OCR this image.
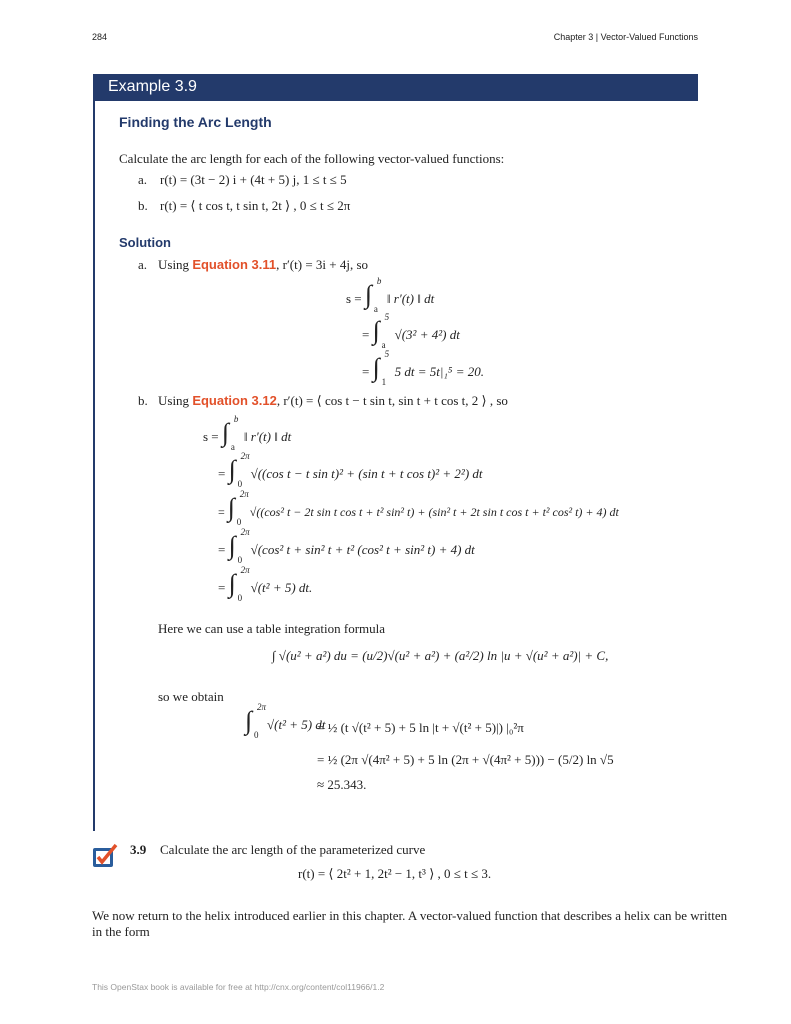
284	Chapter 3 | Vector-Valued Functions
Example 3.9
Finding the Arc Length
Calculate the arc length for each of the following vector-valued functions:
a. r(t) = (3t − 2) i + (4t + 5) j, 1 ≤ t ≤ 5
b. r(t) = ⟨ t cos t, t sin t, 2t ⟩ , 0 ≤ t ≤ 2π
Solution
a. Using Equation 3.11, r′(t) = 3i + 4j, so
s = ∫ b
a
‖ r′(t) ‖ dt
= ∫ 5
a
√(3² + 4²) dt
= ∫ 5
1
5 dt = 5t|₁⁵ = 20.
b. Using Equation 3.12, r′(t) = ⟨ cos t − t sin t, sin t + t cos t, 2 ⟩ , so
s = ∫ b
a
‖ r′(t) ‖ dt
= ∫ 2π
0
√((cos t − t sin t)² + (sin t + t cos t)² + 2²) dt
= ∫ 2π
0
√((cos² t − 2t sin t cos t + t² sin² t) + (sin² t + 2t sin t cos t + t² cos² t) + 4) dt
= ∫ 2π
0
√(cos² t + sin² t + t² (cos² t + sin² t) + 4) dt
= ∫ 2π
0
√(t² + 5) dt.
Here we can use a table integration formula
∫ √(u² + a²) du = (u/2)√(u² + a²) + (a²/2) ln |u + √(u² + a²)| + C,
so we obtain
∫ 2π
0
√(t² + 5) dt
= ½ (t √(t² + 5) + 5 ln |t + √(t² + 5)|) |₀²π
= ½ (2π √(4π² + 5) + 5 ln (2π + √(4π² + 5))) − (5/2) ln √5
≈ 25.343.
3.9 Calculate the arc length of the parameterized curve
r(t) = ⟨ 2t² + 1, 2t² − 1, t³ ⟩ , 0 ≤ t ≤ 3.
We now return to the helix introduced earlier in this chapter. A vector-valued function that describes a helix can be written
in the form
This OpenStax book is available for free at http://cnx.org/content/col11966/1.2
